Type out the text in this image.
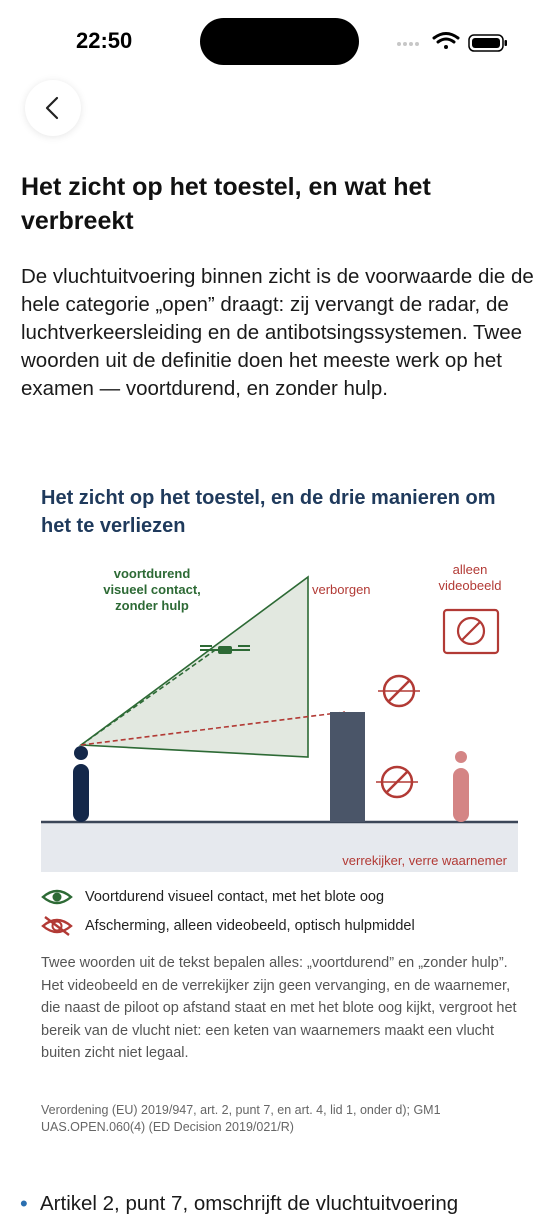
22:50
Het zicht op het toestel, en wat het verbreekt

De vluchtuitvoering binnen zicht is de voorwaarde die de hele categorie „open” draagt: zij vervangt de radar, de luchtverkeersleiding en de antibotsingssystemen. Twee woorden uit de definitie doen het meeste werk op het examen — voortdurend, en zonder hulp.

Het zicht op het toestel, en de drie manieren om het te verliezen
voortdurend
visueel contact,
zonder hulp
verborgen
alleen
videobeeld
verrekijker, verre waarnemer
Voortdurend visueel contact, met het blote oog
Afscherming, alleen videobeeld, optisch hulpmiddel

Twee woorden uit de tekst bepalen alles: „voortdurend” en „zonder hulp”. Het videobeeld en de verrekijker zijn geen vervanging, en de waarnemer, die naast de piloot op afstand staat en met het blote oog kijkt, vergroot het bereik van de vlucht niet: een keten van waarnemers maakt een vlucht buiten zicht niet legaal.

Verordening (EU) 2019/947, art. 2, punt 7, en art. 4, lid 1, onder d); GM1 UAS.OPEN.060(4) (ED Decision 2019/021/R)

• Artikel 2, punt 7, omschrijft de vluchtuitvoering
